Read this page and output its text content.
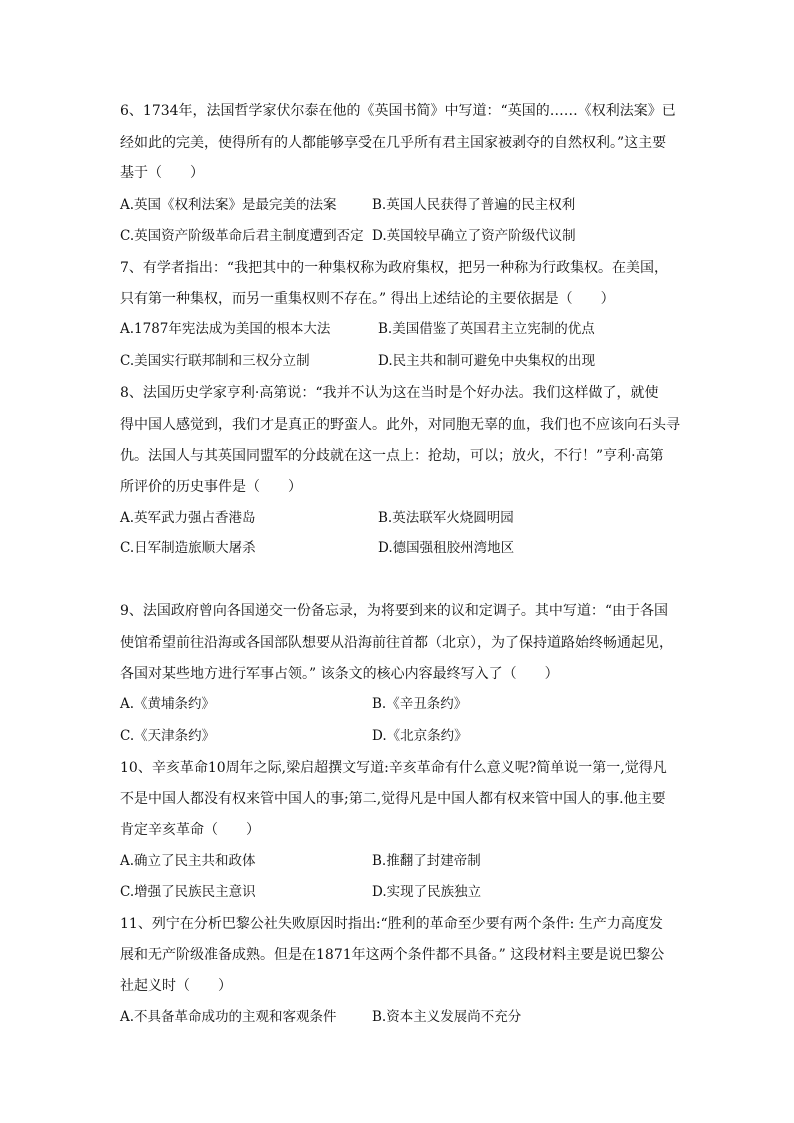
6、1734年，法国哲学家伏尔泰在他的《英国书简》中写道：“英国的……《权利法案》已
经如此的完美，使得所有的人都能够享受在几乎所有君主国家被剥夺的自然权利。”这主要
基于（　　）
A.英国《权利法案》是最完美的法案	B.英国人民获得了普遍的民主权利
C.英国资产阶级革命后君主制度遭到否定 D.英国较早确立了资产阶级代议制
7、有学者指出：“我把其中的一种集权称为政府集权，把另一种称为行政集权。在美国，
只有第一种集权，而另一重集权则不存在。” 得出上述结论的主要依据是（　　）
A.1787年宪法成为美国的根本大法	B.美国借鉴了英国君主立宪制的优点
C.美国实行联邦制和三权分立制	D.民主共和制可避免中央集权的出现
8、法国历史学家亨利·高第说：“我并不认为这在当时是个好办法。我们这样做了，就使
得中国人感觉到，我们才是真正的野蛮人。此外，对同胞无辜的血，我们也不应该向石头寻
仇。法国人与其英国同盟军的分歧就在这一点上：抢劫，可以；放火，不行！”亨利·高第
所评价的历史事件是（　　）
A.英军武力强占香港岛	B.英法联军火烧圆明园
C.日军制造旅顺大屠杀	D.德国强租胶州湾地区
9、法国政府曾向各国递交一份备忘录，为将要到来的议和定调子。其中写道：“由于各国
使馆希望前往沿海或各国部队想要从沿海前往首都（北京），为了保持道路始终畅通起见，
各国对某些地方进行军事占领。” 该条文的核心内容最终写入了（　　）
A.《黄埔条约》	B.《辛丑条约》
C.《天津条约》	D.《北京条约》
10、辛亥革命10周年之际,梁启超撰文写道:辛亥革命有什么意义呢?简单说一第一,觉得凡
不是中国人都没有权来管中国人的事;第二,觉得凡是中国人都有权来管中国人的事.他主要
肯定辛亥革命（　　）
A.确立了民主共和政体	B.推翻了封建帝制
C.增强了民族民主意识	D.实现了民族独立
11、列宁在分析巴黎公社失败原因时指出:“胜利的革命至少要有两个条件: 生产力高度发
展和无产阶级准备成熟。但是在1871年这两个条件都不具备。” 这段材料主要是说巴黎公
社起义时（　　）
A.不具备革命成功的主观和客观条件	B.资本主义发展尚不充分
